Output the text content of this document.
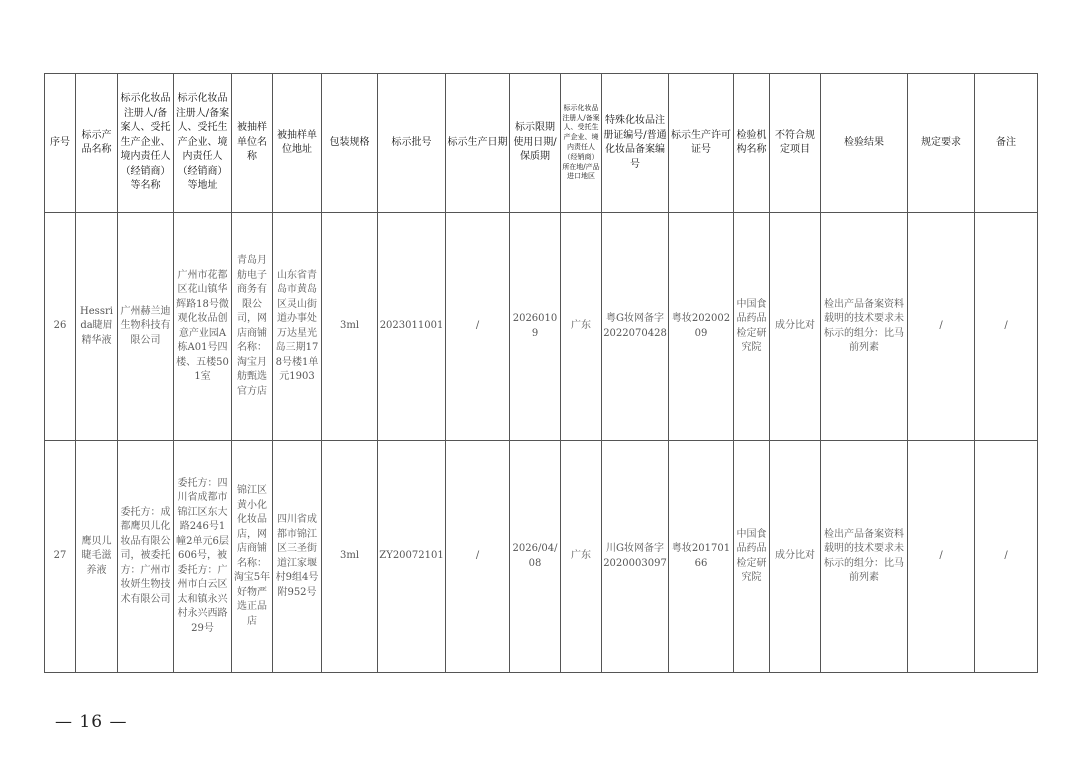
序号	标示产品名称	标示化妆品注册人/备案人、受托生产企业、境内责任人（经销商）等名称	标示化妆品注册人/备案人、受托生产企业、境内责任人（经销商）等地址	被抽样单位名称	被抽样单位地址	包装规格	标示批号	标示生产日期	标示限期使用日期/保质期	标示化妆品注册人/备案人、受托生产企业、境内责任人（经销商）所在地/产品进口地区	特殊化妆品注册证编号/普通化妆品备案编号	标示生产许可证号	检验机构名称	不符合规定项目	检验结果	规定要求	备注
26	Hessrida睫眉精华液	广州赫兰迪生物科技有限公司	广州市花都区花山镇华辉路18号微观化妆品创意产业园A栋A01号四楼、五楼501室	青岛月舫电子商务有限公司，网店商铺名称：淘宝月舫甄选官方店	山东省青岛市黄岛区灵山街道办事处万达星光岛三期178号楼1单元1903	3ml	2023011001	/	20260109	广东	粤G妆网备字2022070428	粤妆20200209	中国食品药品检定研究院	成分比对	检出产品备案资料载明的技术要求未标示的组分：比马前列素	/	/
27	鹰贝儿睫毛滋养液	委托方：成都鹰贝儿化妆品有限公司，被委托方：广州市妆妍生物技术有限公司	委托方：四川省成都市锦江区东大路246号1幢2单元6层606号，被委托方：广州市白云区太和镇永兴村永兴西路29号	锦江区黄小化化妆品店，网店商铺名称：淘宝5年好物严选正品店	四川省成都市锦江区三圣街道江家堰村9组4号附952号	3ml	ZY20072101	/	2026/04/08	广东	川G妆网备字2020003097	粤妆20170166	中国食品药品检定研究院	成分比对	检出产品备案资料载明的技术要求未标示的组分：比马前列素	/	/
— 16 —
